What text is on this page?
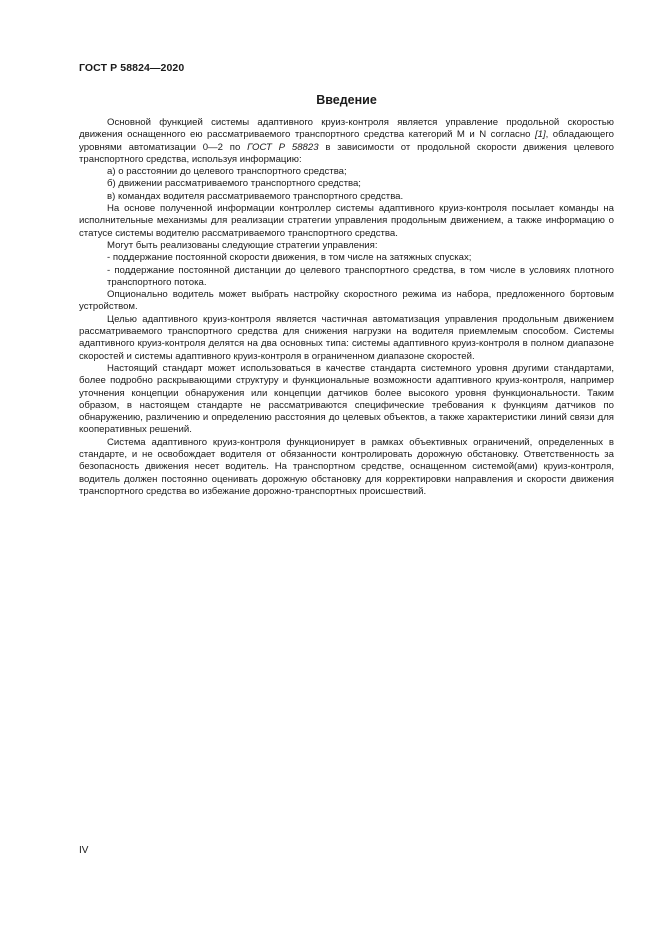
ГОСТ Р 58824—2020
Введение

Основной функцией системы адаптивного круиз-контроля является управление продольной скоростью движения оснащенного ею рассматриваемого транспортного средства категорий М и N согласно [1], обладающего уровнями автоматизации 0—2 по ГОСТ Р 58823 в зависимости от продольной скорости движения целевого транспортного средства, используя информацию:

а) о расстоянии до целевого транспортного средства;

б) движении рассматриваемого транспортного средства;

в) командах водителя рассматриваемого транспортного средства.

На основе полученной информации контроллер системы адаптивного круиз-контроля посылает команды на исполнительные механизмы для реализации стратегии управления продольным движением, а также информацию о статусе системы водителю рассматриваемого транспортного средства.

Могут быть реализованы следующие стратегии управления:

- поддержание постоянной скорости движения, в том числе на затяжных спусках;

- поддержание постоянной дистанции до целевого транспортного средства, в том числе в условиях плотного транспортного потока.

Опционально водитель может выбрать настройку скоростного режима из набора, предложенного бортовым устройством.

Целью адаптивного круиз-контроля является частичная автоматизация управления продольным движением рассматриваемого транспортного средства для снижения нагрузки на водителя приемлемым способом. Системы адаптивного круиз-контроля делятся на два основных типа: системы адаптивного круиз-контроля в полном диапазоне скоростей и системы адаптивного круиз-контроля в ограниченном диапазоне скоростей.

Настоящий стандарт может использоваться в качестве стандарта системного уровня другими стандартами, более подробно раскрывающими структуру и функциональные возможности адаптивного круиз-контроля, например уточнения концепции обнаружения или концепции датчиков более высокого уровня функциональности. Таким образом, в настоящем стандарте не рассматриваются специфические требования к функциям датчиков по обнаружению, различению и определению расстояния до целевых объектов, а также характеристики линий связи для кооперативных решений.

Система адаптивного круиз-контроля функционирует в рамках объективных ограничений, определенных в стандарте, и не освобождает водителя от обязанности контролировать дорожную обстановку. Ответственность за безопасность движения несет водитель. На транспортном средстве, оснащенном системой(ами) круиз-контроля, водитель должен постоянно оценивать дорожную обстановку для корректировки направления и скорости движения транспортного средства во избежание дорожно-транспортных происшествий.

IV
